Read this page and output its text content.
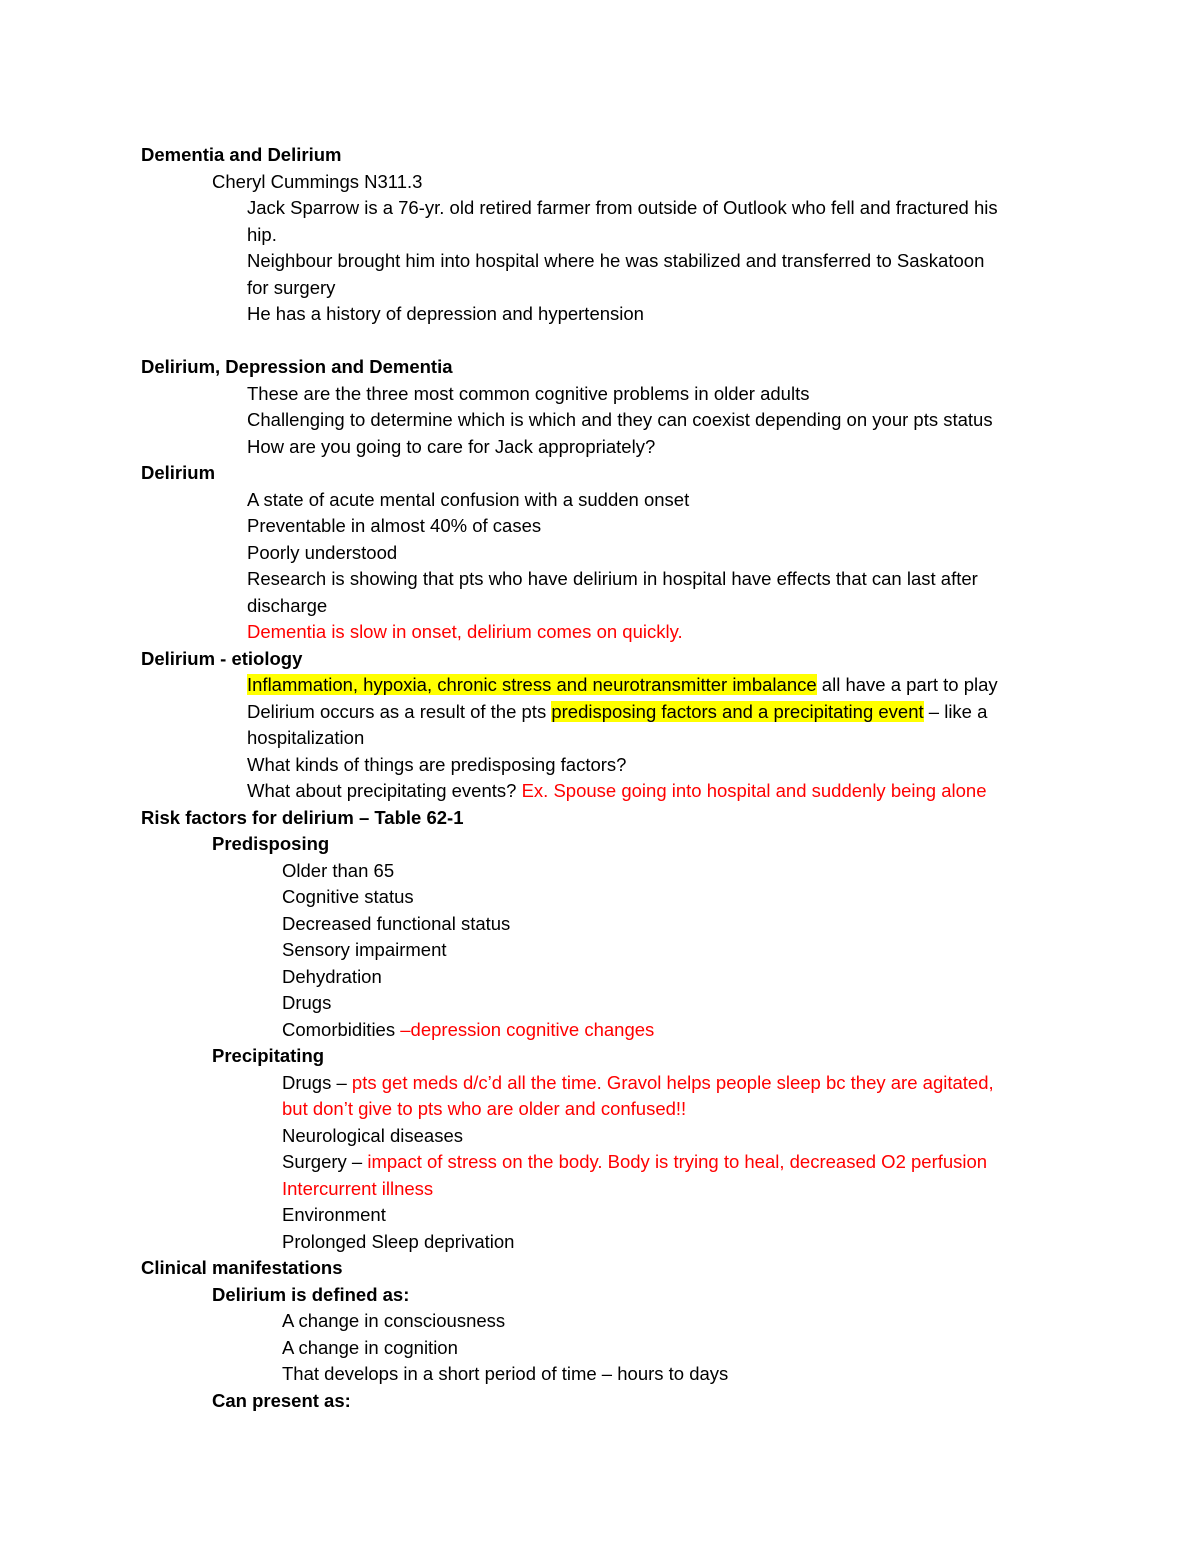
Dementia and Delirium
Cheryl Cummings N311.3
Jack Sparrow is a 76-yr. old retired farmer from outside of Outlook who fell and fractured his
hip.
Neighbour brought him into hospital where he was stabilized and transferred to Saskatoon
for surgery
He has a history of depression and hypertension
Delirium, Depression and Dementia
These are the three most common cognitive problems in older adults
Challenging to determine which is which and they can coexist depending on your pts status
How are you going to care for Jack appropriately?
Delirium
A state of acute mental confusion with a sudden onset
Preventable in almost 40% of cases
Poorly understood
Research is showing that pts who have delirium in hospital have effects that can last after
discharge
Dementia is slow in onset, delirium comes on quickly.
Delirium - etiology
Inflammation, hypoxia, chronic stress and neurotransmitter imbalance all have a part to play
Delirium occurs as a result of the pts predisposing factors and a precipitating event – like a
hospitalization
What kinds of things are predisposing factors?
What about precipitating events? Ex. Spouse going into hospital and suddenly being alone
Risk factors for delirium – Table 62-1
Predisposing
Older than 65
Cognitive status
Decreased functional status
Sensory impairment
Dehydration
Drugs
Comorbidities –depression cognitive changes
Precipitating
Drugs – pts get meds d/c’d all the time. Gravol helps people sleep bc they are agitated,
but don’t give to pts who are older and confused!!
Neurological diseases
Surgery – impact of stress on the body. Body is trying to heal, decreased O2 perfusion
Intercurrent illness
Environment
Prolonged Sleep deprivation
Clinical manifestations
Delirium is defined as:
A change in consciousness
A change in cognition
That develops in a short period of time – hours to days
Can present as:
